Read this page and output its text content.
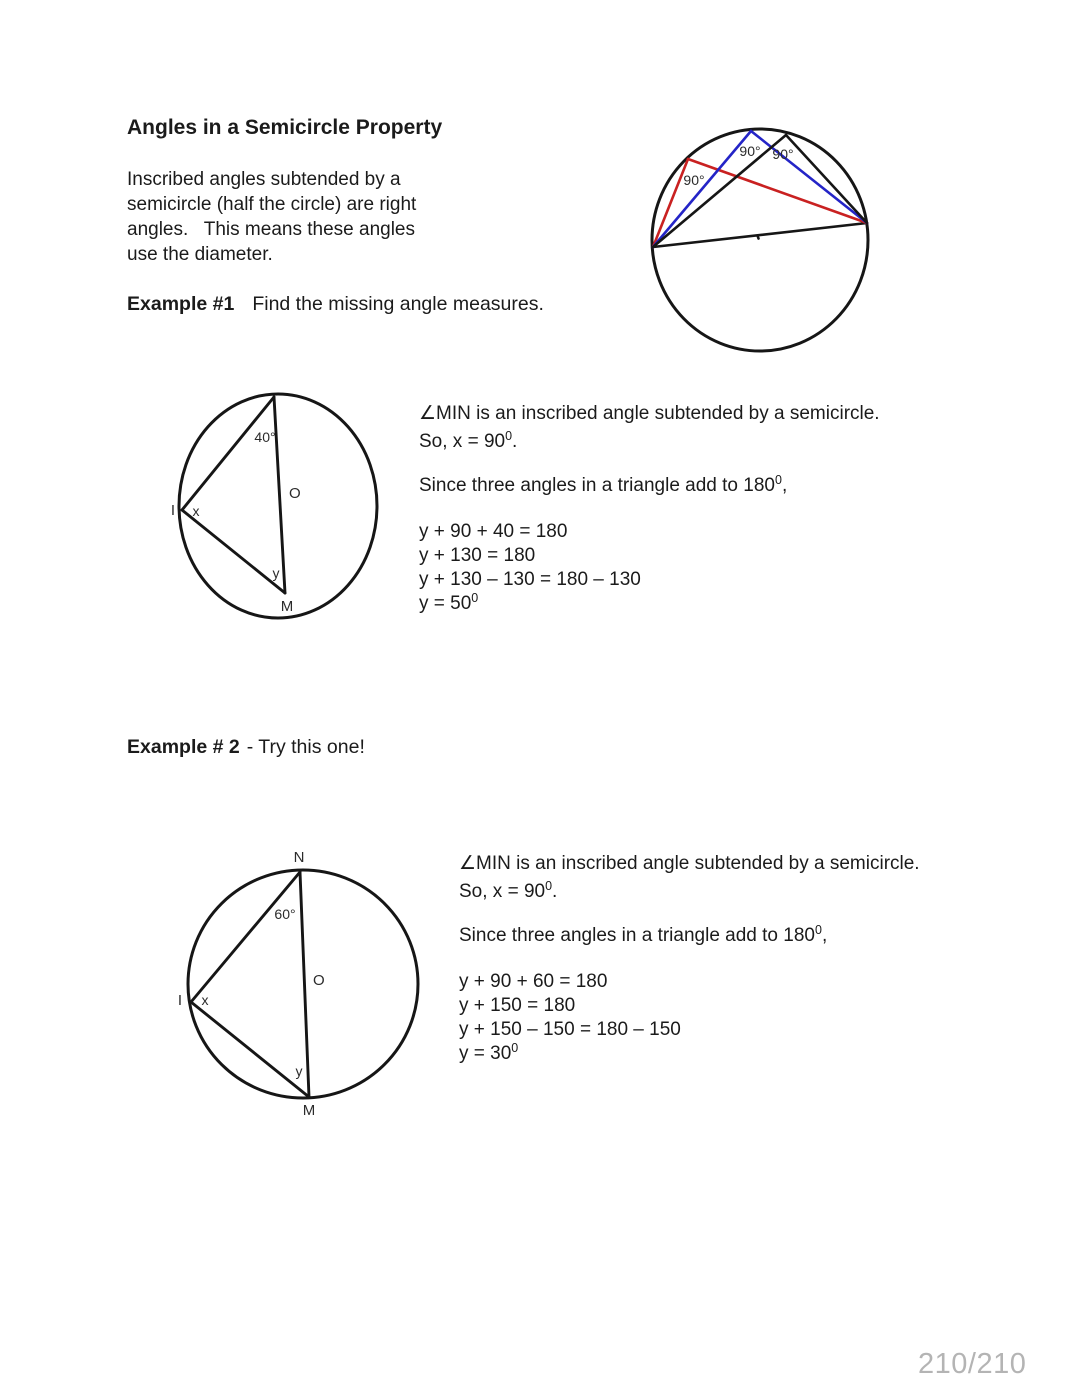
Angles in a Semicircle Property
Inscribed angles subtended by a
semicircle (half the circle) are right
angles.   This means these angles
use the diameter.
Example #1 Find the missing angle measures.
90°
90° 90°
40°
O
I x
y
M
∠MIN is an inscribed angle subtended by a semicircle.
So, $x = 90^0$.
Since three angles in a triangle add to $180^0$,
y + 90 + 40 = 180
y + 130 = 180
y + 130 – 130 = 180 – 130
$y = 50^0$
Example # 2 - Try this one!
N
60°
O
I x
y
M
∠MIN is an inscribed angle subtended by a semicircle.
So, $x = 90^0$.
Since three angles in a triangle add to $180^0$,
y + 90 + 60 = 180
y + 150 = 180
y + 150 – 150 = 180 – 150
$y = 30^0$
210/210
